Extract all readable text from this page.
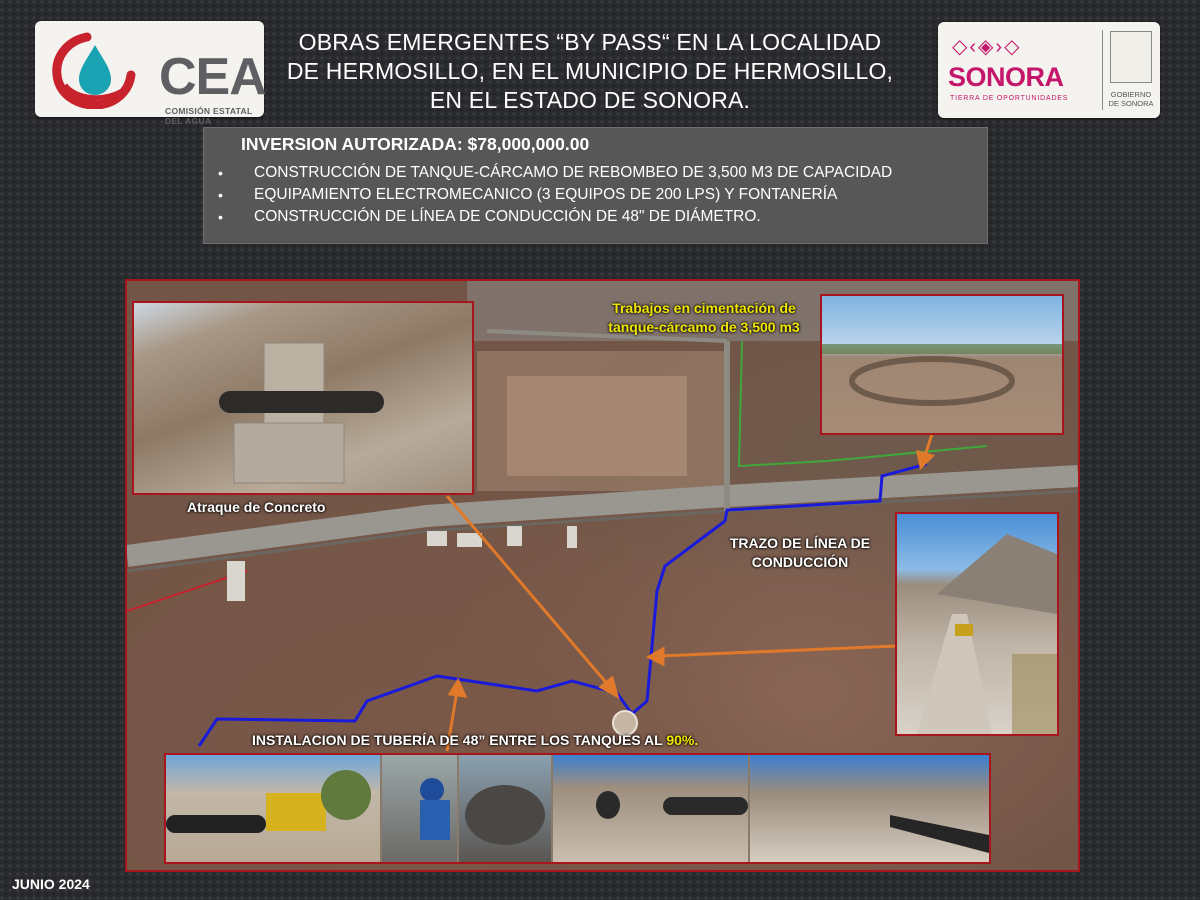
CEA
COMISIÓN ESTATAL DEL AGUA
OBRAS EMERGENTES “BY PASS“ EN LA LOCALIDAD DE HERMOSILLO, EN EL MUNICIPIO DE HERMOSILLO, EN EL ESTADO DE SONORA.
◇‹◈›◇
SONORA
TIERRA DE OPORTUNIDADES	GOBIERNO DE SONORA
INVERSION AUTORIZADA: $78,000,000.00
• CONSTRUCCIÓN DE TANQUE-CÁRCAMO DE REBOMBEO DE 3,500 M3 DE CAPACIDAD
• EQUIPAMIENTO ELECTROMECANICO (3 EQUIPOS DE 200 LPS) Y FONTANERÍA
• CONSTRUCCIÓN DE LÍNEA DE CONDUCCIÓN DE 48" DE DIÁMETRO.
Atraque de Concreto
Trabajos en cimentación de tanque-cárcamo de 3,500 m3
TRAZO DE LÍNEA DE CONDUCCIÓN
INSTALACION DE TUBERÍA DE 48” ENTRE LOS TANQUES AL 90%.
JUNIO 2024
